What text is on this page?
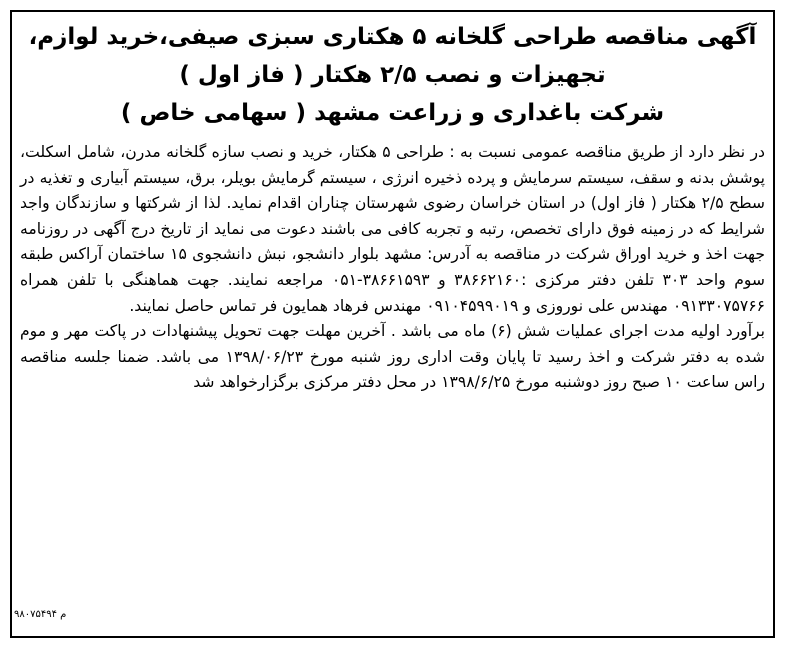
آگهی مناقصه طراحی گلخانه ۵ هکتاری سبزی صیفی،خرید لوازم،
تجهیزات و نصب ۲/۵ هکتار ( فاز اول )
شرکت باغداری و زراعت مشهد ( سهامی خاص )

در نظر دارد از طریق مناقصه عمومی نسبت به : طراحی ۵ هکتار، خرید و نصب سازه گلخانه مدرن، شامل اسکلت، پوشش بدنه و سقف، سیستم سرمایش و پرده ذخیره انرژی ، سیستم گرمایش بویلر، برق، سیستم آبیاری و تغذیه در سطح ۲/۵ هکتار ( فاز اول) در استان خراسان رضوی شهرستان چناران اقدام نماید. لذا از شرکتها و سازندگان واجد شرایط که در زمینه فوق دارای تخصص، رتبه و تجربه کافی می باشند دعوت می نماید از تاریخ درج آگهی در روزنامه جهت اخذ و خرید اوراق شرکت در مناقصه به آدرس: مشهد بلوار دانشجو، نبش دانشجوی ۱۵ ساختمان آراکس طبقه سوم واحد ۳۰۳ تلفن دفتر مرکزی :۳۸۶۶۲۱۶۰ و ۳۸۶۶۱۵۹۳-۰۵۱ مراجعه نمایند. جهت هماهنگی با تلفن همراه ۰۹۱۳۳۰۷۵۷۶۶ مهندس علی نوروزی و ۰۹۱۰۴۵۹۹۰۱۹ مهندس فرهاد همایون فر تماس حاصل نمایند.

برآورد اولیه مدت اجرای عملیات شش (۶) ماه می باشد . آخرین مهلت جهت تحویل پیشنهادات در پاکت مهر و موم شده به دفتر شرکت و اخذ رسید تا پایان وقت اداری روز شنبه مورخ ۱۳۹۸/۰۶/۲۳ می باشد. ضمنا جلسه مناقصه راس ساعت ۱۰ صبح روز دوشنبه مورخ ۱۳۹۸/۶/۲۵ در محل دفتر مرکزی برگزارخواهد شد

م ۹۸۰۷۵۴۹۴
